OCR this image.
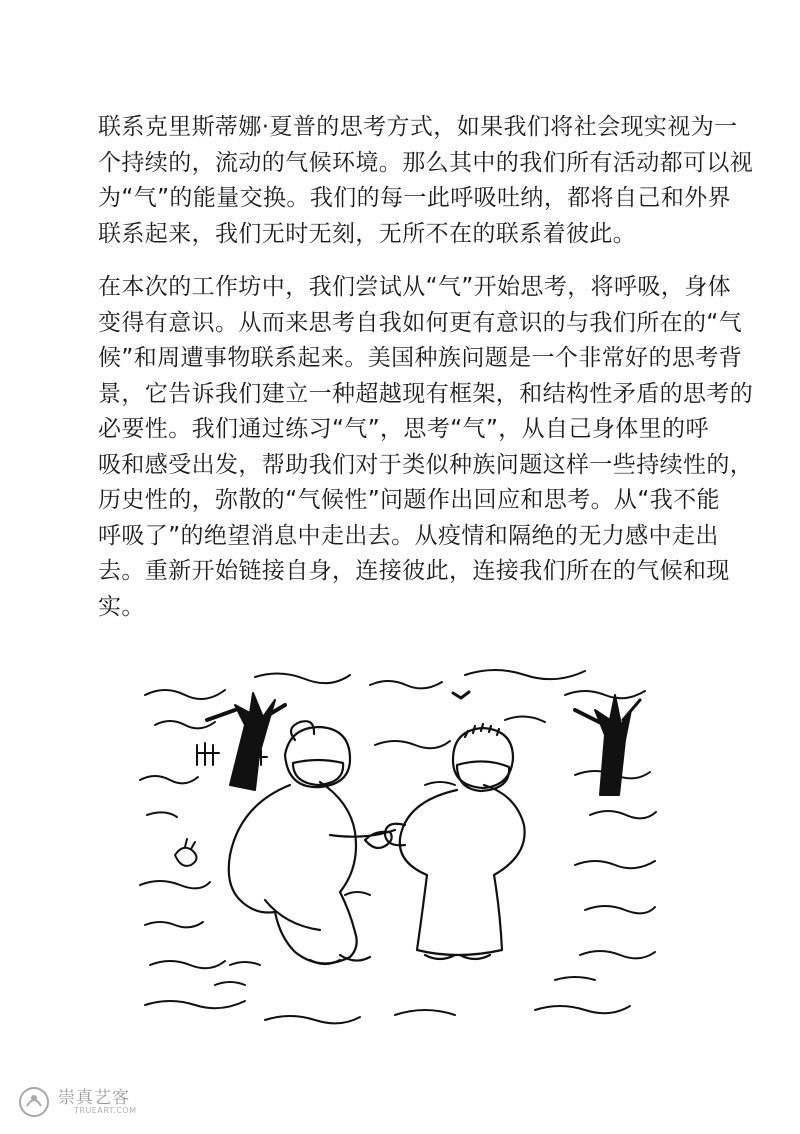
联系克里斯蒂娜·夏普的思考方式，如果我们将社会现实视为一
个持续的，流动的气候环境。那么其中的我们所有活动都可以视
为“气”的能量交换。我们的每一此呼吸吐纳，都将自己和外界
联系起来，我们无时无刻，无所不在的联系着彼此。
在本次的工作坊中，我们尝试从“气”开始思考，将呼吸，身体
变得有意识。从而来思考自我如何更有意识的与我们所在的“气
候”和周遭事物联系起来。美国种族问题是一个非常好的思考背
景，它告诉我们建立一种超越现有框架，和结构性矛盾的思考的
必要性。我们通过练习“气”，思考“气”，从自己身体里的呼
吸和感受出发，帮助我们对于类似种族问题这样一些持续性的，
历史性的，弥散的“气候性”问题作出回应和思考。从“我不能
呼吸了”的绝望消息中走出去。从疫情和隔绝的无力感中走出
去。重新开始链接自身，连接彼此，连接我们所在的气候和现
实。
崇真艺客
TRUEART.COM
